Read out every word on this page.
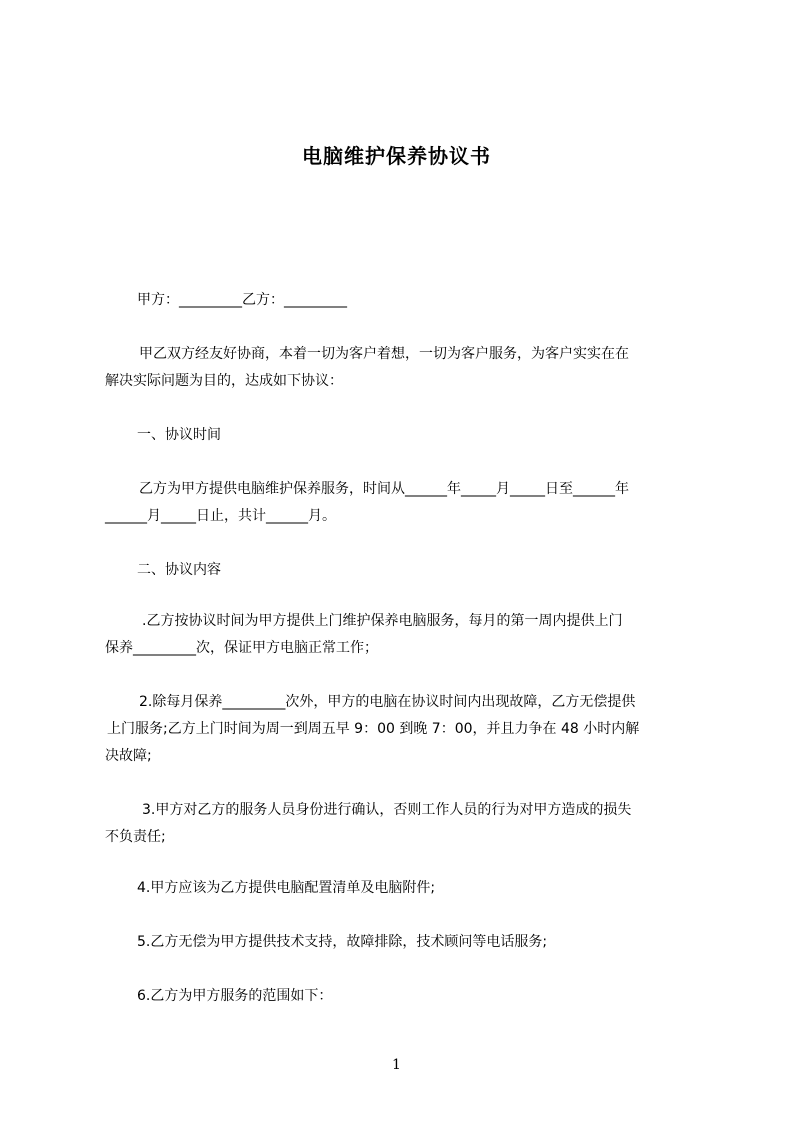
电脑维护保养协议书
甲方：_________乙方：_________
甲乙双方经友好协商，本着一切为客户着想，一切为客户服务，为客户实实在在
解决实际问题为目的，达成如下协议：
一、协议时间
乙方为甲方提供电脑维护保养服务，时间从______年_____月_____日至______年
______月_____日止，共计______月。
二、协议内容
.乙方按协议时间为甲方提供上门维护保养电脑服务，每月的第一周内提供上门
保养_________次，保证甲方电脑正常工作；
2.除每月保养_________次外，甲方的电脑在协议时间内出现故障，乙方无偿提供
上门服务;乙方上门时间为周一到周五早 9：00 到晚 7：00，并且力争在 48 小时内解
决故障;
3.甲方对乙方的服务人员身份进行确认，否则工作人员的行为对甲方造成的损失
不负责任;
4.甲方应该为乙方提供电脑配置清单及电脑附件;
5.乙方无偿为甲方提供技术支持，故障排除，技术顾问等电话服务;
6.乙方为甲方服务的范围如下：
1
